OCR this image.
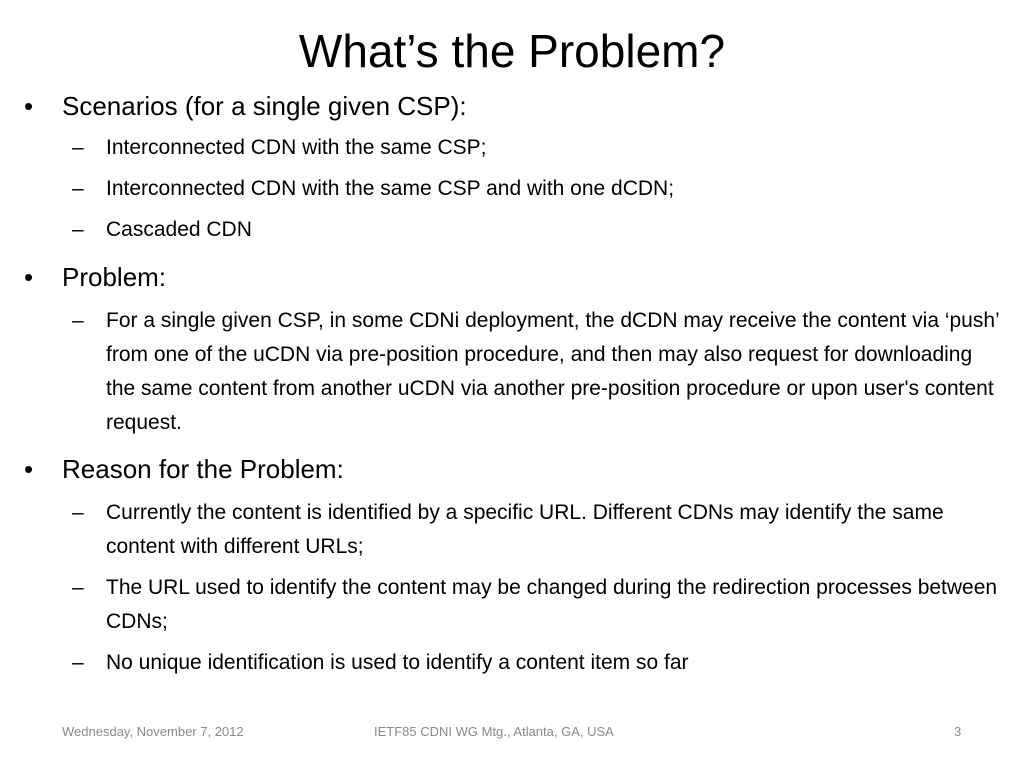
What’s the Problem?
• Scenarios (for a single given CSP):
– Interconnected CDN with the same CSP;
– Interconnected CDN with the same CSP and with one dCDN;
– Cascaded CDN
• Problem:
– For a single given CSP, in some CDNi deployment, the dCDN may receive the content via ‘push’ from one of the uCDN via pre-position procedure, and then may also request for downloading the same content from another uCDN via another pre-position procedure or upon user's content request.
• Reason for the Problem:
– Currently the content is identified by a specific URL. Different CDNs may identify the same content with different URLs;
– The URL used to identify the content may be changed during the redirection processes between CDNs;
– No unique identification is used to identify a content item so far
Wednesday, November 7, 2012	IETF85 CDNI WG Mtg., Atlanta, GA, USA	3
